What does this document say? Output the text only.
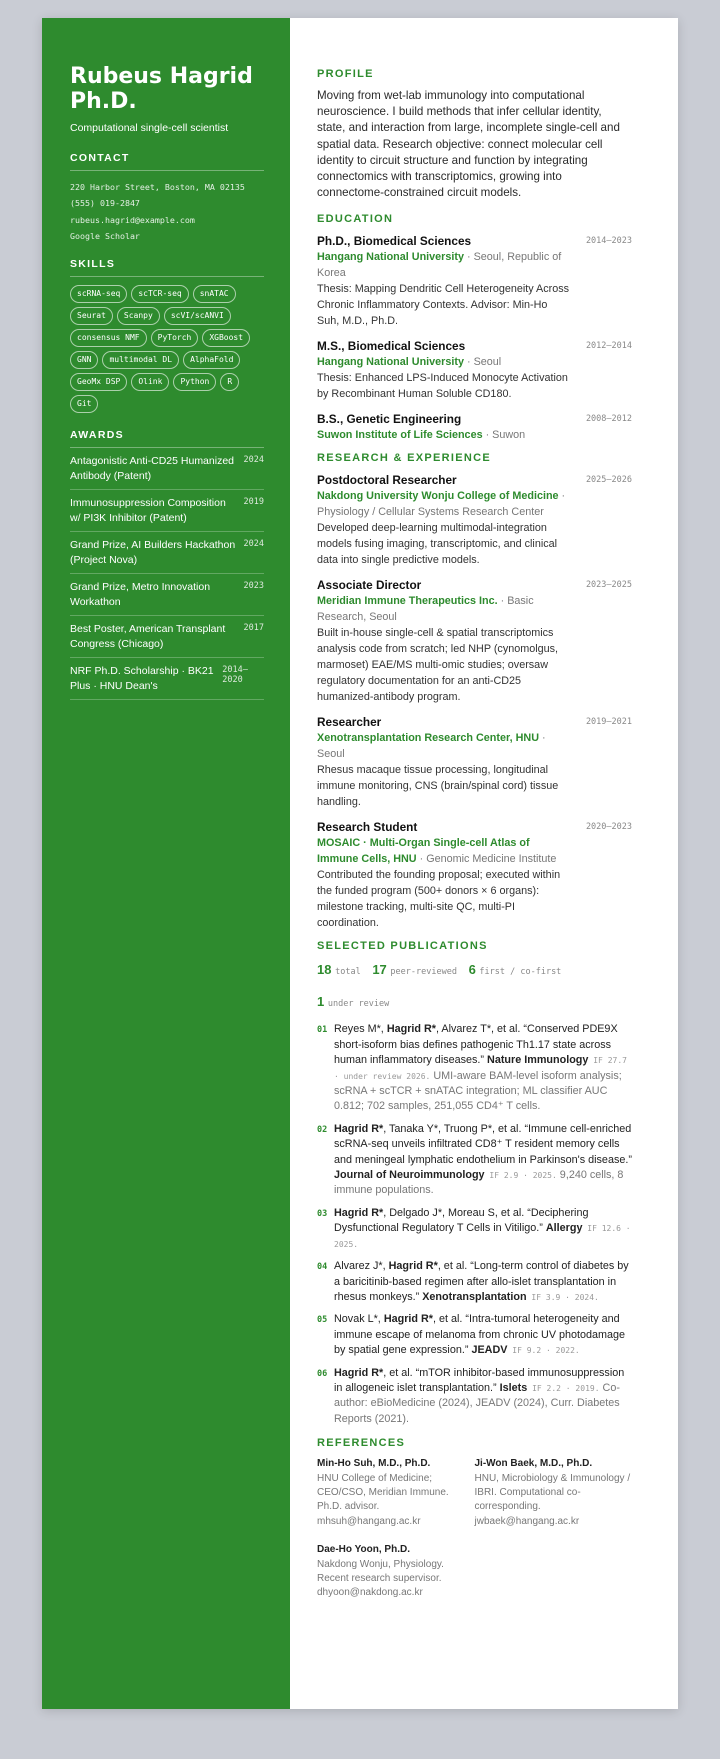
Rubeus Hagrid Ph.D.
Computational single-cell scientist
CONTACT
220 Harbor Street, Boston, MA 02135
(555) 019-2847
rubeus.hagrid@example.com
Google Scholar
SKILLS
scRNA-seq	scTCR-seq	snATAC
Seurat	Scanpy	scVI/scANVI
consensus NMF	PyTorch	XGBoost
GNN	multimodal DL	AlphaFold
GeoMx DSP	Olink	Python	R
Git
AWARDS
Antagonistic Anti-CD25 Humanized Antibody (Patent)
2024
Immunosuppression Composition w/ PI3K Inhibitor (Patent)
2019
Grand Prize, AI Builders Hackathon (Project Nova)
2024
Grand Prize, Metro Innovation Workathon
2023
Best Poster, American Transplant Congress (Chicago)
2017
NRF Ph.D. Scholarship · BK21 Plus · HNU Dean's
2014–2020
PROFILE
Moving from wet-lab immunology into computational neuroscience. I build methods that infer cellular identity, state, and interaction from large, incomplete single-cell and spatial data. Research objective: connect molecular cell identity to circuit structure and function by integrating connectomics with transcriptomics, growing into connectome-constrained circuit models.
EDUCATION
Ph.D., Biomedical Sciences	2014–2023
Hangang National University · Seoul, Republic of Korea
Thesis: Mapping Dendritic Cell Heterogeneity Across Chronic Inflammatory Contexts. Advisor: Min-Ho Suh, M.D., Ph.D.
M.S., Biomedical Sciences	2012–2014
Hangang National University · Seoul
Thesis: Enhanced LPS-Induced Monocyte Activation by Recombinant Human Soluble CD180.
B.S., Genetic Engineering	2008–2012
Suwon Institute of Life Sciences · Suwon
RESEARCH & EXPERIENCE
Postdoctoral Researcher	2025–2026
Nakdong University Wonju College of Medicine · Physiology / Cellular Systems Research Center
Developed deep-learning multimodal-integration models fusing imaging, transcriptomic, and clinical data into single predictive models.
Associate Director	2023–2025
Meridian Immune Therapeutics Inc. · Basic Research, Seoul
Built in-house single-cell & spatial transcriptomics analysis code from scratch; led NHP (cynomolgus, marmoset) EAE/MS multi-omic studies; oversaw regulatory documentation for an anti-CD25 humanized-antibody program.
Researcher	2019–2021
Xenotransplantation Research Center, HNU · Seoul
Rhesus macaque tissue processing, longitudinal immune monitoring, CNS (brain/spinal cord) tissue handling.
Research Student	2020–2023
MOSAIC · Multi-Organ Single-cell Atlas of Immune Cells, HNU · Genomic Medicine Institute
Contributed the founding proposal; executed within the funded program (500+ donors × 6 organs): milestone tracking, multi-site QC, multi-PI coordination.
SELECTED PUBLICATIONS
18 total 17 peer-reviewed 6 first / co-first
1 under review
01 Reyes M*, Hagrid R*, Alvarez T*, et al. “Conserved PDE9X short-isoform bias defines pathogenic Th1.17 state across human inflammatory diseases.” Nature Immunology IF 27.7 · under review 2026. UMI-aware BAM-level isoform analysis; scRNA + scTCR + snATAC integration; ML classifier AUC 0.812; 702 samples, 251,055 CD4⁺ T cells.
02 Hagrid R*, Tanaka Y*, Truong P*, et al. “Immune cell-enriched scRNA-seq unveils infiltrated CD8⁺ T resident memory cells and meningeal lymphatic endothelium in Parkinson's disease.” Journal of Neuroimmunology IF 2.9 · 2025. 9,240 cells, 8 immune populations.
03 Hagrid R*, Delgado J*, Moreau S, et al. “Deciphering Dysfunctional Regulatory T Cells in Vitiligo.” Allergy IF 12.6 · 2025.
04 Alvarez J*, Hagrid R*, et al. “Long-term control of diabetes by a baricitinib-based regimen after allo-islet transplantation in rhesus monkeys.” Xenotransplantation IF 3.9 · 2024.
05 Novak L*, Hagrid R*, et al. “Intra-tumoral heterogeneity and immune escape of melanoma from chronic UV photodamage by spatial gene expression.” JEADV IF 9.2 · 2022.
06 Hagrid R*, et al. “mTOR inhibitor-based immunosuppression in allogeneic islet transplantation.” Islets IF 2.2 · 2019. Co-author: eBioMedicine (2024), JEADV (2024), Curr. Diabetes Reports (2021).
REFERENCES
Min-Ho Suh, M.D., Ph.D.
HNU College of Medicine; CEO/CSO, Meridian Immune. Ph.D. advisor.
mhsuh@hangang.ac.kr
Ji-Won Baek, M.D., Ph.D.
HNU, Microbiology & Immunology / IBRI. Computational co-corresponding.
jwbaek@hangang.ac.kr
Dae-Ho Yoon, Ph.D.
Nakdong Wonju, Physiology. Recent research supervisor.
dhyoon@nakdong.ac.kr
